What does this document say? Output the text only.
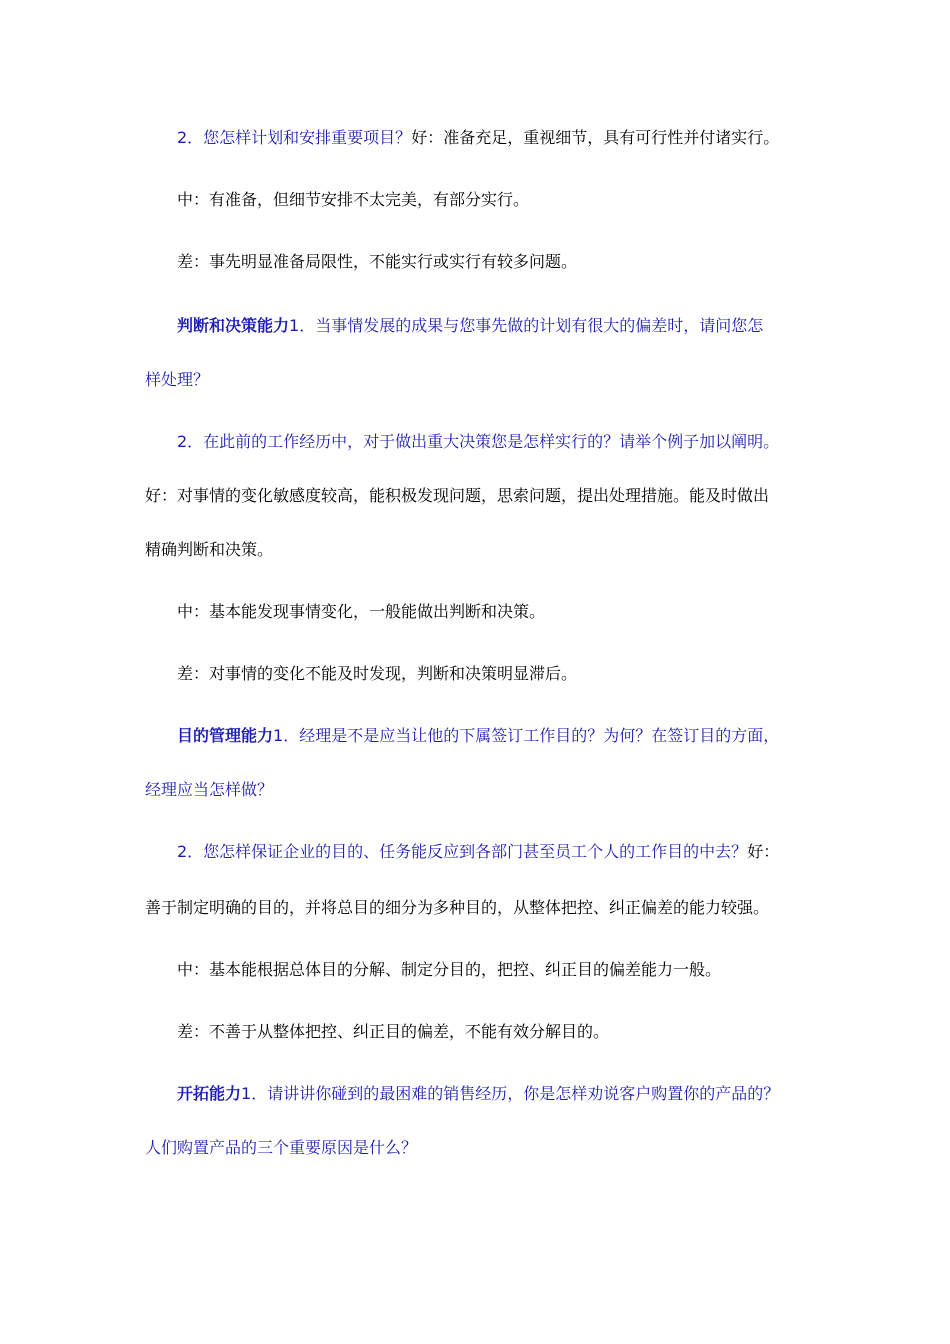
2．您怎样计划和安排重要项目？好：准备充足，重视细节，具有可行性并付诸实行。
中：有准备，但细节安排不太完美，有部分实行。
差：事先明显准备局限性，不能实行或实行有较多问题。
判断和决策能力1．当事情发展的成果与您事先做的计划有很大的偏差时，请问您怎
样处理？
2．在此前的工作经历中，对于做出重大决策您是怎样实行的？请举个例子加以阐明。
好：对事情的变化敏感度较高，能积极发现问题，思索问题，提出处理措施。能及时做出
精确判断和决策。
中：基本能发现事情变化，一般能做出判断和决策。
差：对事情的变化不能及时发现，判断和决策明显滞后。
目的管理能力1．经理是不是应当让他的下属签订工作目的？为何？在签订目的方面，
经理应当怎样做？
2．您怎样保证企业的目的、任务能反应到各部门甚至员工个人的工作目的中去？好：
善于制定明确的目的，并将总目的细分为多种目的，从整体把控、纠正偏差的能力较强。
中：基本能根据总体目的分解、制定分目的，把控、纠正目的偏差能力一般。
差：不善于从整体把控、纠正目的偏差，不能有效分解目的。
开拓能力1．请讲讲你碰到的最困难的销售经历，你是怎样劝说客户购置你的产品的？
人们购置产品的三个重要原因是什么？
